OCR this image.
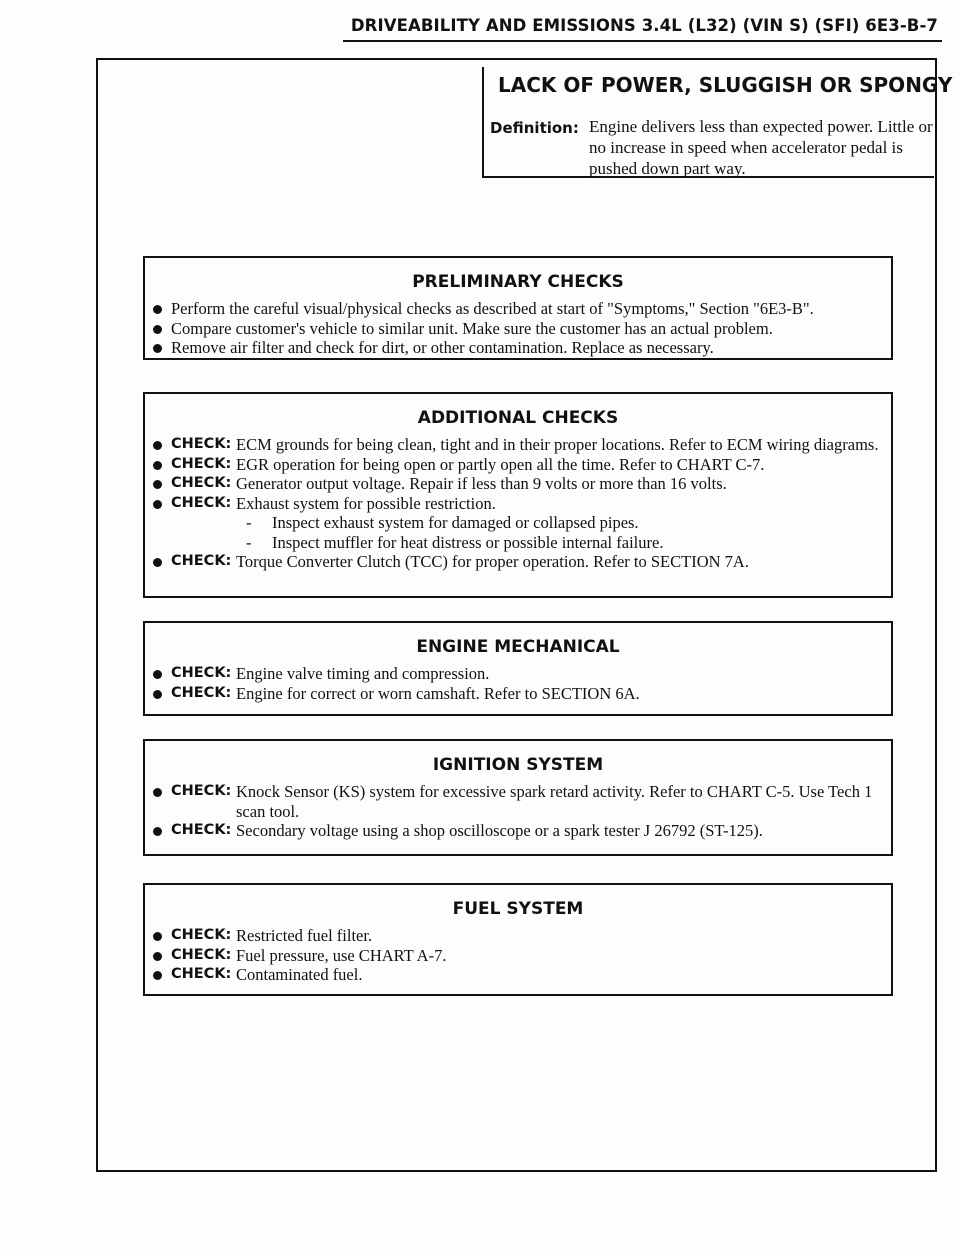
DRIVEABILITY AND EMISSIONS 3.4L (L32) (VIN S) (SFI) 6E3-B-7
LACK OF POWER, SLUGGISH OR SPONGY
Definition: Engine delivers less than expected power. Little or no increase in speed when accelerator pedal is pushed down part way.
PRELIMINARY CHECKS
Perform the careful visual/physical checks as described at start of "Symptoms," Section "6E3-B".
Compare customer's vehicle to similar unit. Make sure the customer has an actual problem.
Remove air filter and check for dirt, or other contamination. Replace as necessary.
ADDITIONAL CHECKS
CHECK: ECM grounds for being clean, tight and in their proper locations. Refer to ECM wiring diagrams.
CHECK: EGR operation for being open or partly open all the time. Refer to CHART C-7.
CHECK: Generator output voltage. Repair if less than 9 volts or more than 16 volts.
CHECK: Exhaust system for possible restriction.
- Inspect exhaust system for damaged or collapsed pipes.
- Inspect muffler for heat distress or possible internal failure.
CHECK: Torque Converter Clutch (TCC) for proper operation. Refer to SECTION 7A.
ENGINE MECHANICAL
CHECK: Engine valve timing and compression.
CHECK: Engine for correct or worn camshaft. Refer to SECTION 6A.
IGNITION SYSTEM
CHECK: Knock Sensor (KS) system for excessive spark retard activity. Refer to CHART C-5. Use Tech 1 scan tool.
CHECK: Secondary voltage using a shop oscilloscope or a spark tester J 26792 (ST-125).
FUEL SYSTEM
CHECK: Restricted fuel filter.
CHECK: Fuel pressure, use CHART A-7.
CHECK: Contaminated fuel.
